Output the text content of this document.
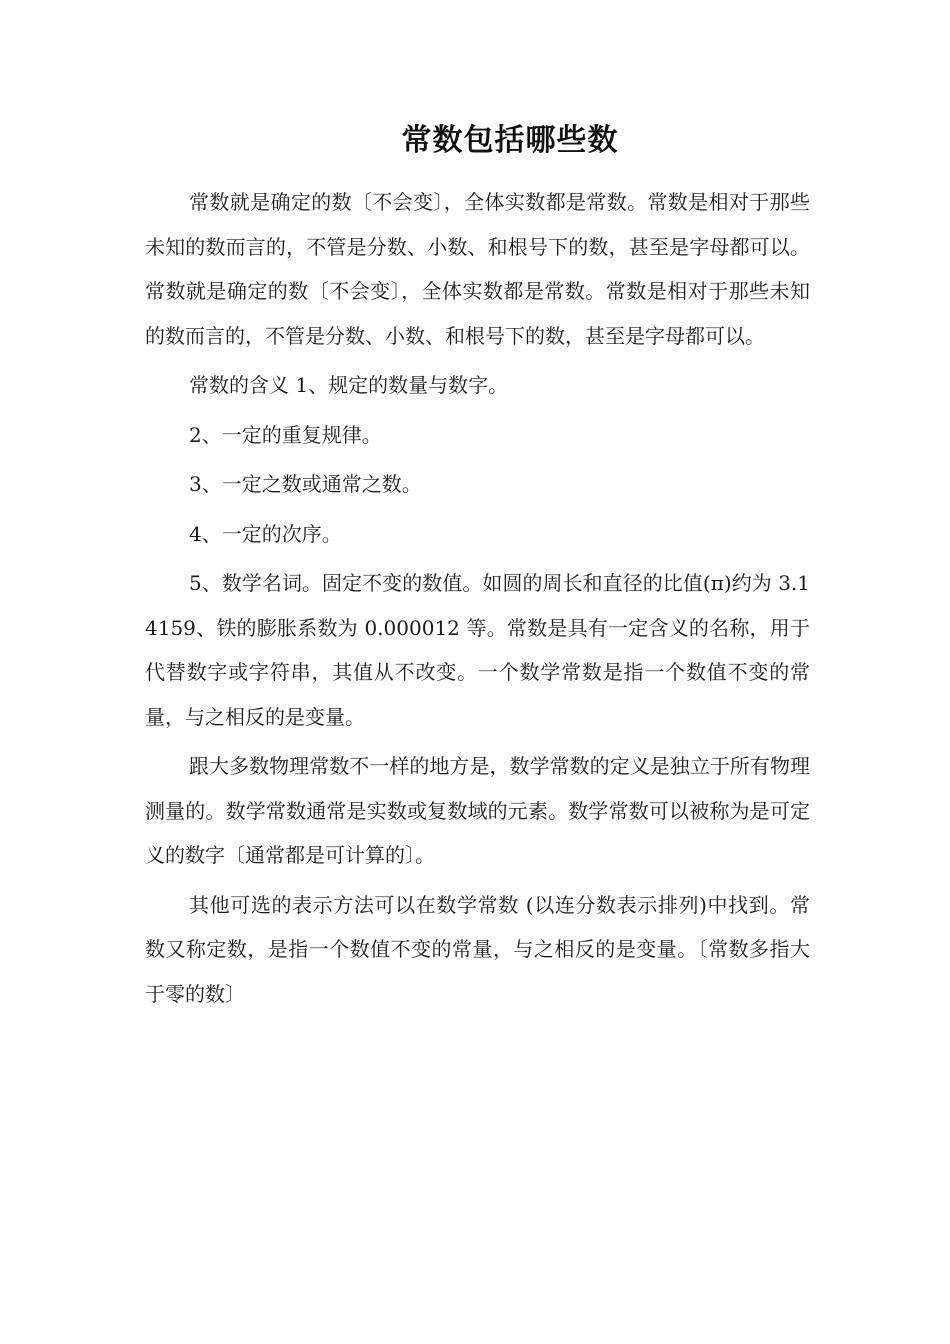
常数包括哪些数

常数就是确定的数〔不会变〕，全体实数都是常数。常数是相对于那些未知的数而言的，不管是分数、小数、和根号下的数，甚至是字母都可以。常数就是确定的数〔不会变〕，全体实数都是常数。常数是相对于那些未知的数而言的，不管是分数、小数、和根号下的数，甚至是字母都可以。

常数的含义 1、规定的数量与数字。

2、一定的重复规律。

3、一定之数或通常之数。

4、一定的次序。

5、数学名词。固定不变的数值。如圆的周长和直径的比值(π)约为 3.14159、铁的膨胀系数为 0.000012 等。常数是具有一定含义的名称，用于代替数字或字符串，其值从不改变。一个数学常数是指一个数值不变的常量，与之相反的是变量。

跟大多数物理常数不一样的地方是，数学常数的定义是独立于所有物理测量的。数学常数通常是实数或复数域的元素。数学常数可以被称为是可定义的数字〔通常都是可计算的〕。

其他可选的表示方法可以在数学常数 (以连分数表示排列)中找到。常数又称定数，是指一个数值不变的常量，与之相反的是变量。〔常数多指大于零的数〕
